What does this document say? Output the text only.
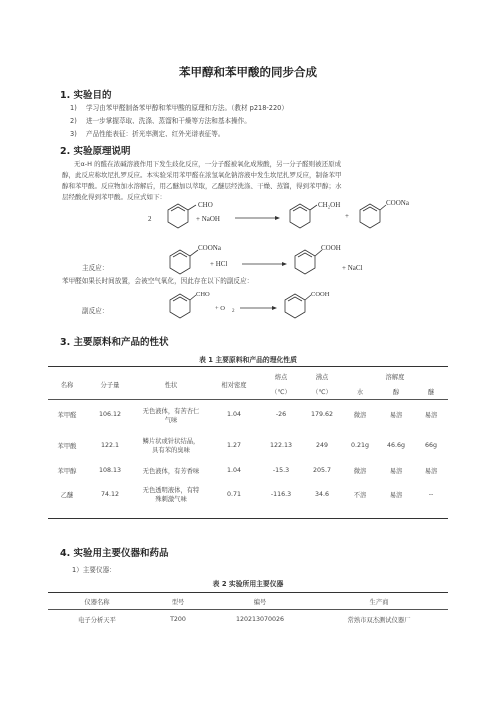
苯甲醇和苯甲酸的同步合成
1. 实验目的
1) 学习由苯甲醛制备苯甲醇和苯甲酸的原理和方法。（教材 p218-220）
2) 进一步掌握萃取、洗涤、蒸馏和干燥等方法和基本操作。
3) 产品性能表征：折光率测定、红外光谱表征等。
2. 实验原理说明
无α-H 的醛在浓碱溶液作用下发生歧化反应，一分子醛被氧化成羧酸，另一分子醛则被还原成
醇，此反应称坎尼扎罗反应。本实验采用苯甲醛在浓氢氧化钠溶液中发生坎尼扎罗反应，制备苯甲
醇和苯甲酸。反应物加水溶解后，用乙醚加以萃取，乙醚层经洗涤、干燥、蒸馏，得到苯甲醇；水
层经酸化得到苯甲酸。反应式如下：
2
CHO
+ NaOH
CH₂OH
+
COONa
主反应：
COONa
+ HCl
COOH
+ NaCl
苯甲醛如果长时间放置，会被空气氧化，因此存在以下的副反应：
副反应：
CHO
+ O 2
COOH
3. 主要原料和产品的性状
表 1 主要原料和产品的理化性质
名称	分子量	性状	相对密度	熔点	沸点	溶解度		
				（℃）	（℃）	水	醇	醚
苯甲醛	106.12	无色液体，有苦杏仁
气味	1.04	-26	179.62	微溶	易溶	易溶
苯甲酸	122.1	鳞片状或针状结晶，
具有苯的臭味	1.27	122.13	249	0.21g	46.6g	66g
苯甲醇	108.13	无色液体，有芳香味	1.04	-15.3	205.7	微溶	易溶	易溶
乙醚	74.12	无色透明液体，有特
殊刺激气味	0.71	-116.3	34.6	不溶	易溶	--
4. 实验用主要仪器和药品
1）主要仪器：
表 2 实验所用主要仪器
仪器名称	型号	编号	生产商
电子分析天平	T200	120213070026	常熟市双杰测试仪器厂
